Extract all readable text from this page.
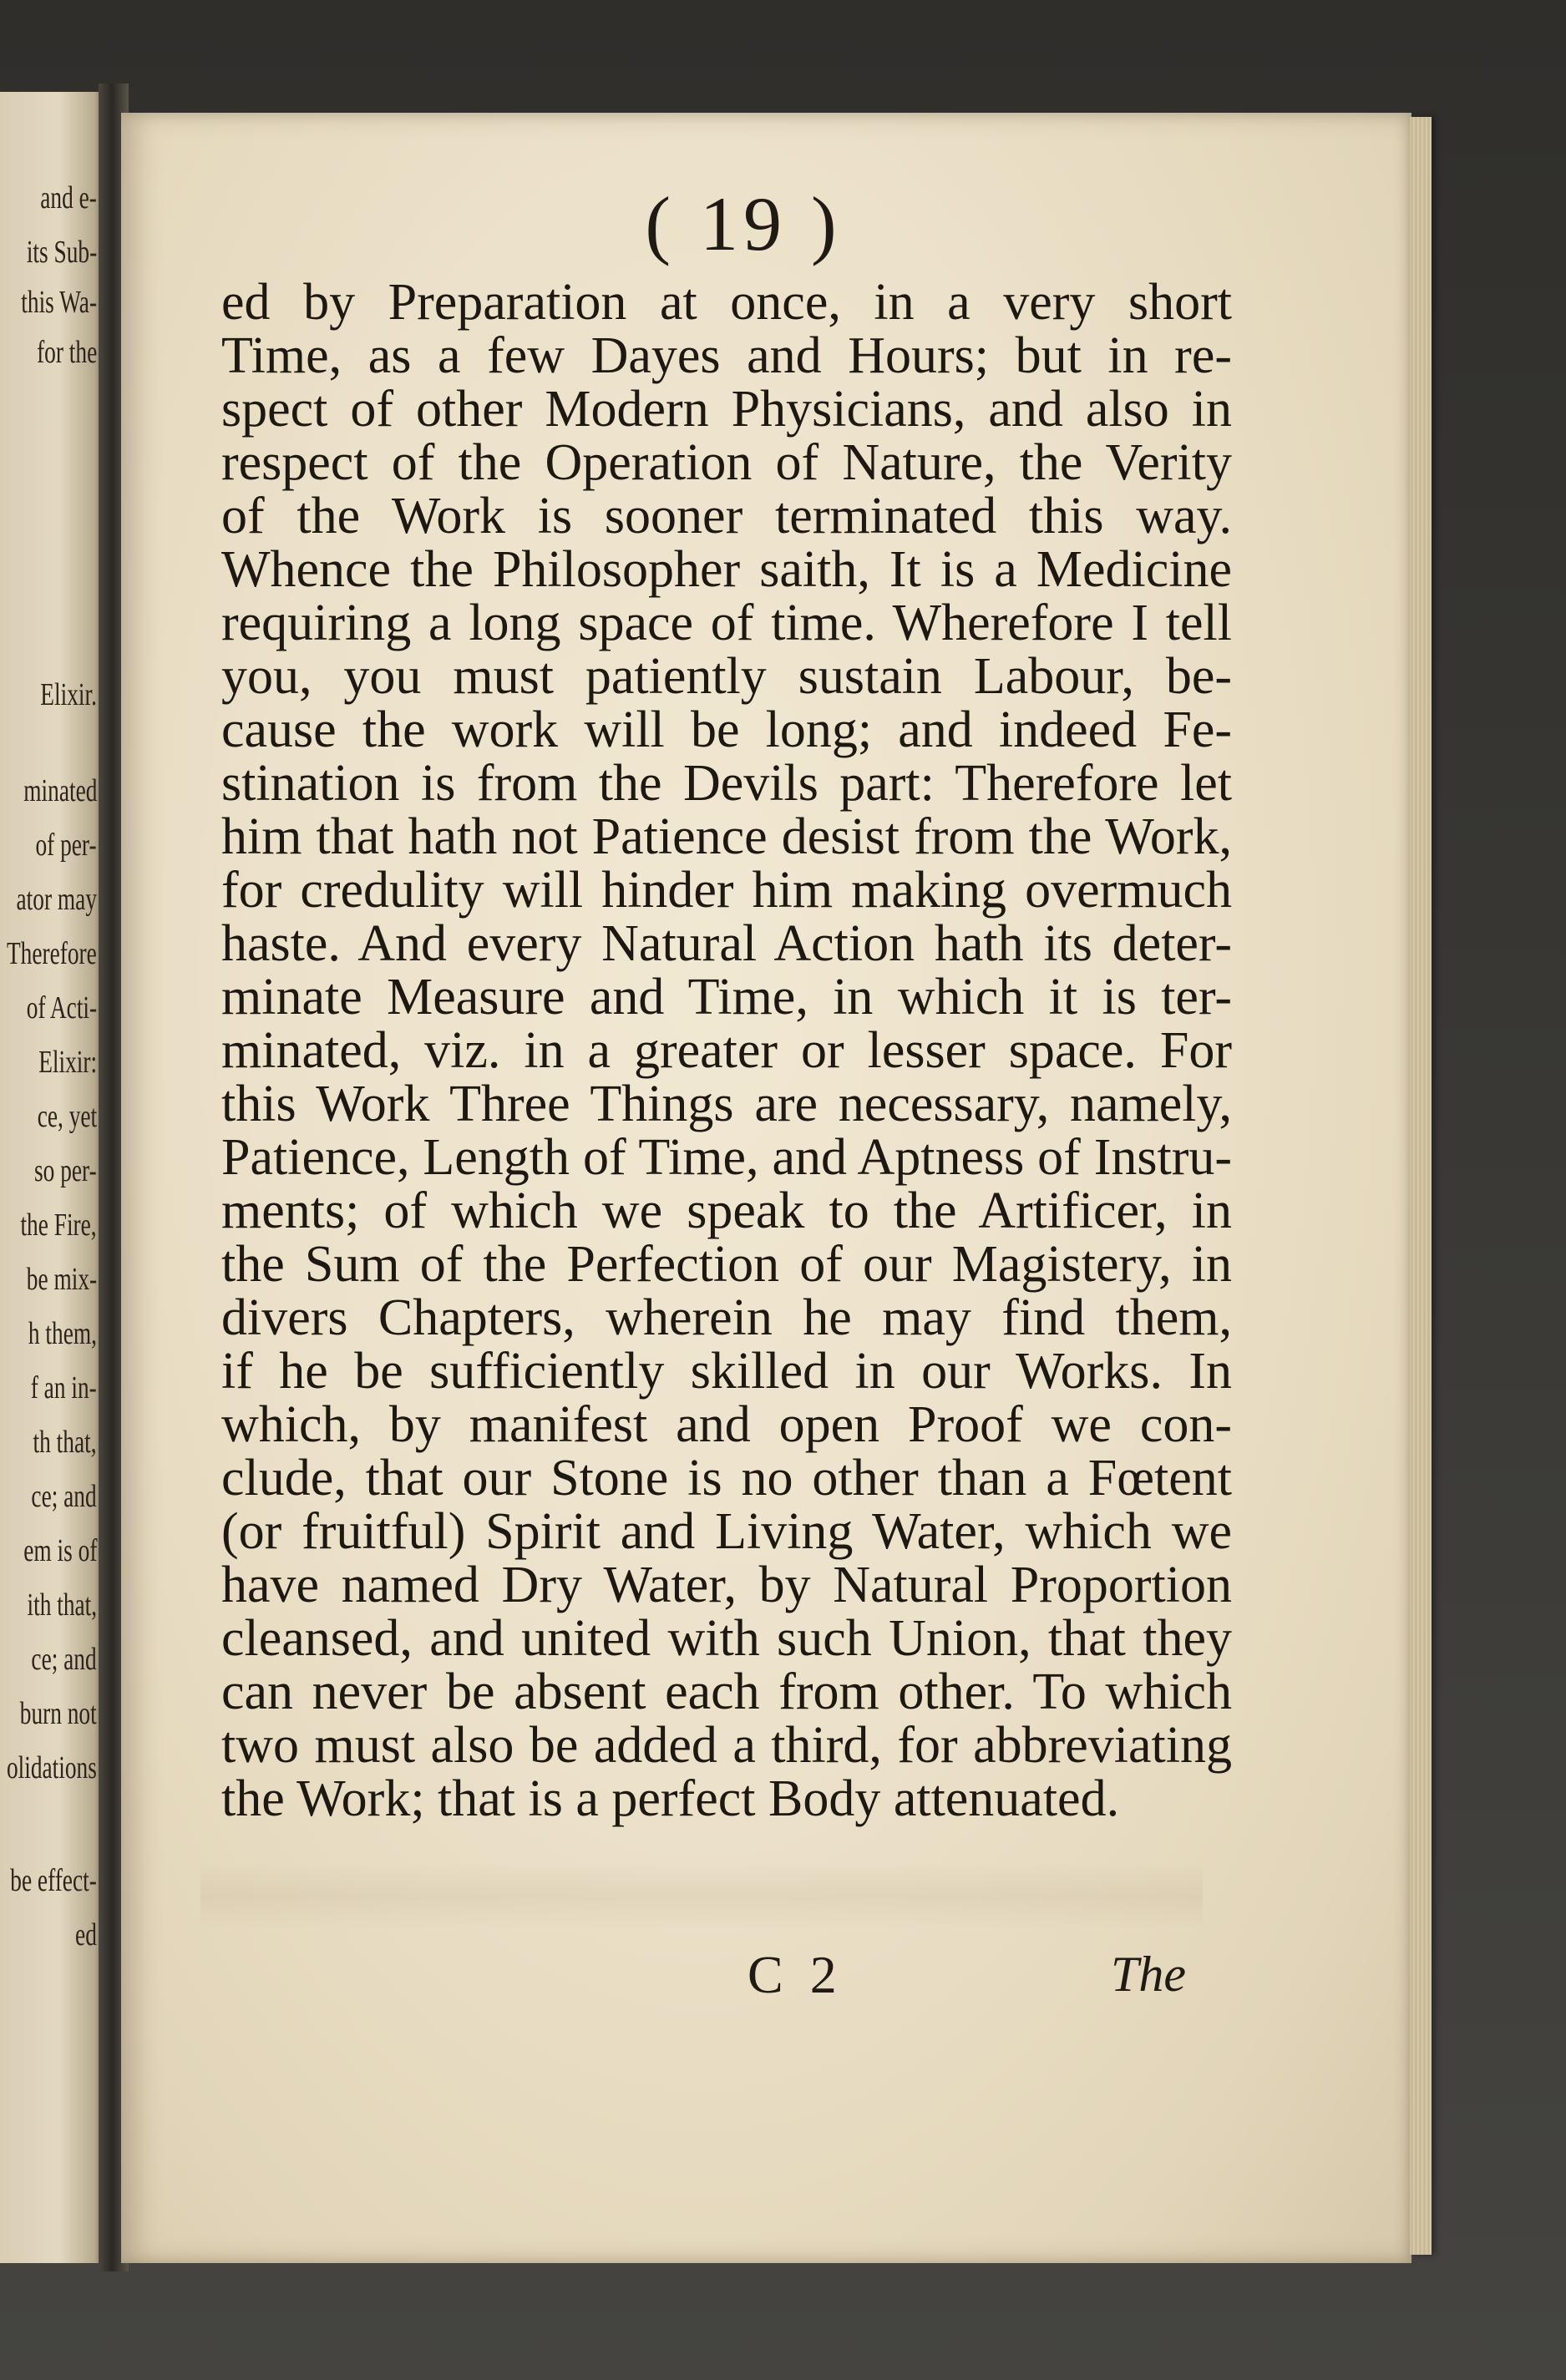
and e-
its Sub-
this Wa-
for the
Elixir.
minated
of per-
ator may
Therefore
of Acti-
Elixir:
ce, yet
so per-
the Fire,
be mix-
h them,
f an in-
th that,
ce; and
em is of
ith that,
ce; and
burn not
olidations
be effect-
ed
( 19 )
ed by Preparation at once, in a very short
Time, as a few Dayes and Hours; but in re-
spect of other Modern Physicians, and also in
respect of the Operation of Nature, the Verity
of the Work is sooner terminated this way.
Whence the Philosopher saith, It is a Medicine
requiring a long space of time. Wherefore I tell
you, you must patiently sustain Labour, be-
cause the work will be long; and indeed Fe-
stination is from the Devils part: Therefore let
him that hath not Patience desist from the Work,
for credulity will hinder him making overmuch
haste. And every Natural Action hath its deter-
minate Measure and Time, in which it is ter-
minated, viz. in a greater or lesser space. For
this Work Three Things are necessary, namely,
Patience, Length of Time, and Aptness of Instru-
ments; of which we speak to the Artificer, in
the Sum of the Perfection of our Magistery, in
divers Chapters, wherein he may find them,
if he be sufficiently skilled in our Works. In
which, by manifest and open Proof we con-
clude, that our Stone is no other than a Fœtent
(or fruitful) Spirit and Living Water, which we
have named Dry Water, by Natural Proportion
cleansed, and united with such Union, that they
can never be absent each from other. To which
two must also be added a third, for abbreviating
the Work; that is a perfect Body attenuated.
C 2	The
